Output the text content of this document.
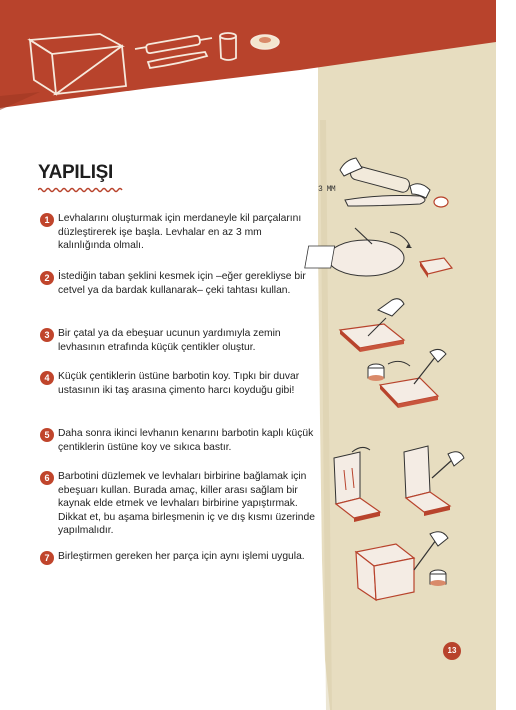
YAPILIŞI
1 Levhalarını oluşturmak için merdaneyle kil parçalarını düzleştirerek işe başla. Levhalar en az 3 mm kalınlığında olmalı.

2 İstediğin taban şeklini kesmek için –eğer gerekliyse bir cetvel ya da bardak kullanarak– çeki tahtası kullan.

3 Bir çatal ya da ebeşuar ucunun yardımıyla zemin levhasının etrafında küçük çentikler oluştur.

4 Küçük çentiklerin üstüne barbotin koy. Tıpkı bir duvar ustasının iki taş arasına çimento harcı koyduğu gibi!

5 Daha sonra ikinci levhanın kenarını barbotin kaplı küçük çentiklerin üstüne koy ve sıkıca bastır.

6 Barbotini düzlemek ve levhaları birbirine bağlamak için ebeşuarı kullan. Burada amaç, killer arası sağlam bir kaynak elde etmek ve levhaları birbirine yapıştırmak. Dikkat et, bu aşama birleşmenin iç ve dış kısmı üzerinde yapılmalıdır.

7 Birleştirmen gereken her parça için aynı işlemi uygula.

3 MM
13
